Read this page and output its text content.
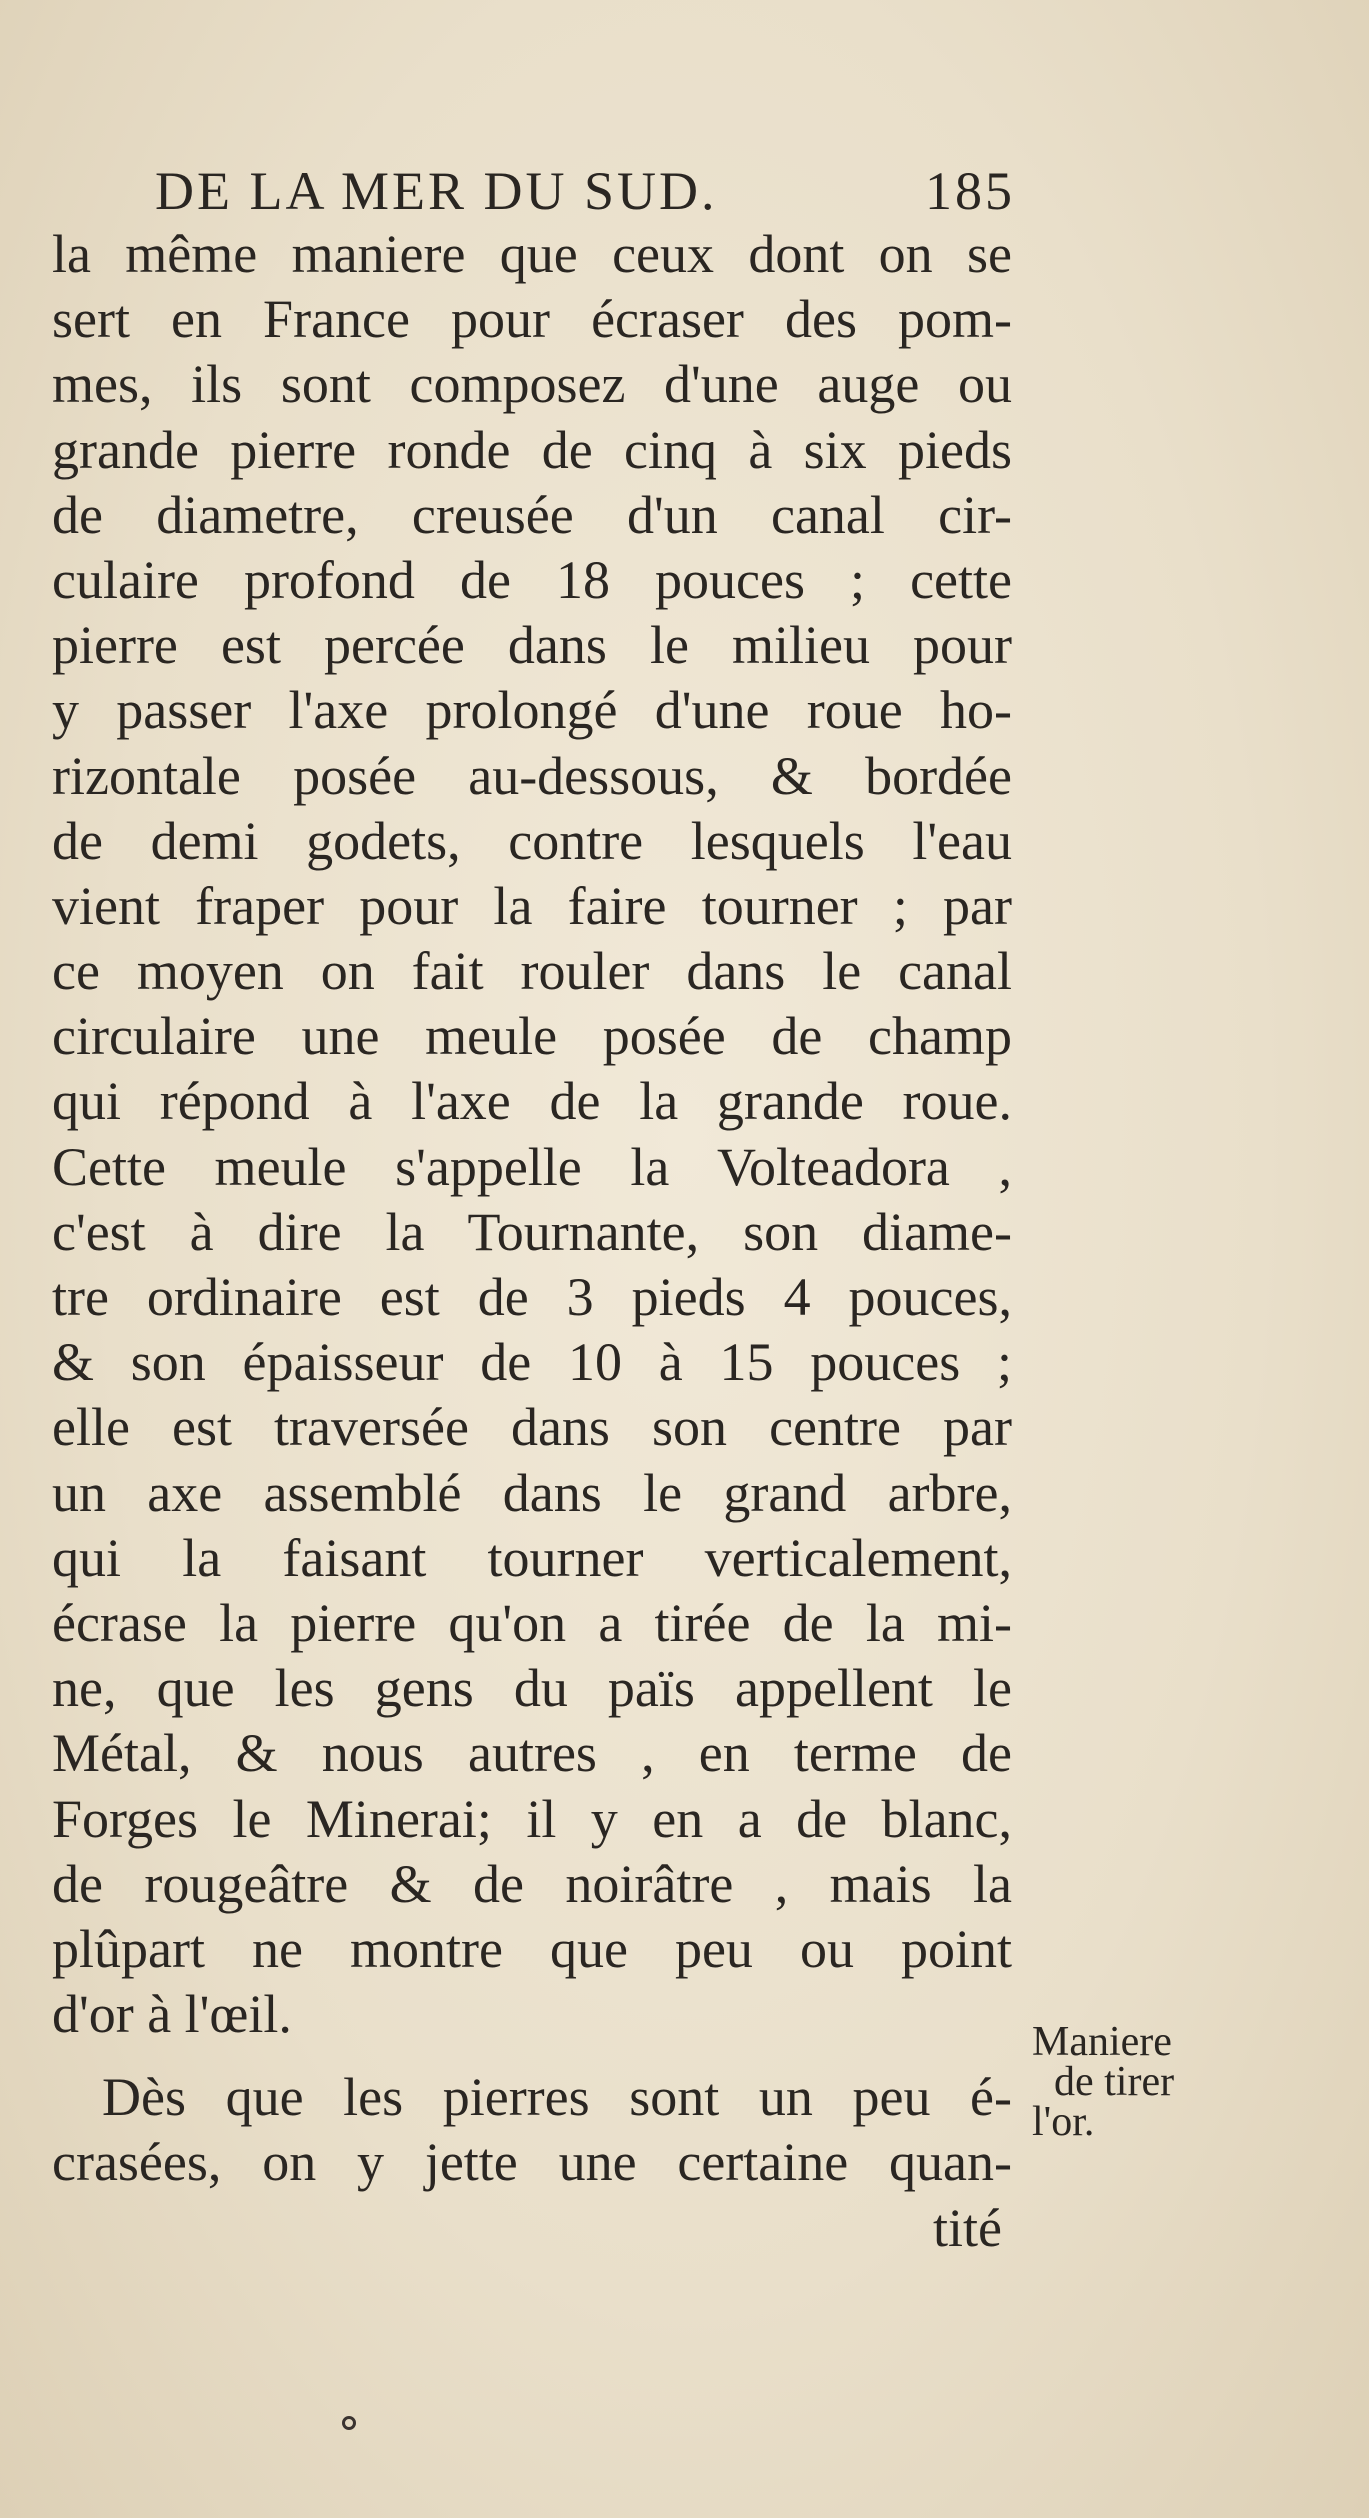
DE LA MER DU SUD.	185
la même maniere que ceux dont on se
sert en France pour écraser des pom-
mes, ils sont composez d'une auge ou
grande pierre ronde de cinq à six pieds
de diametre, creusée d'un canal cir-
culaire profond de 18 pouces ; cette
pierre est percée dans le milieu pour
y passer l'axe prolongé d'une roue ho-
rizontale posée au-dessous, & bordée
de demi godets, contre lesquels l'eau
vient fraper pour la faire tourner ; par
ce moyen on fait rouler dans le canal
circulaire une meule posée de champ
qui répond à l'axe de la grande roue.
Cette meule s'appelle la Volteadora ,
c'est à dire la Tournante, son diame-
tre ordinaire est de 3 pieds 4 pouces,
& son épaisseur de 10 à 15 pouces ;
elle est traversée dans son centre par
un axe assemblé dans le grand arbre,
qui la faisant tourner verticalement,
écrase la pierre qu'on a tirée de la mi-
ne, que les gens du païs appellent le
Métal, & nous autres , en terme de
Forges le Minerai; il y en a de blanc,
de rougeâtre & de noirâtre , mais la
plûpart ne montre que peu ou point
d'or à l'œil.
Dès que les pierres sont un peu é-
crasées, on y jette une certaine quan-
tité
Maniere
de tirer
l'or.
